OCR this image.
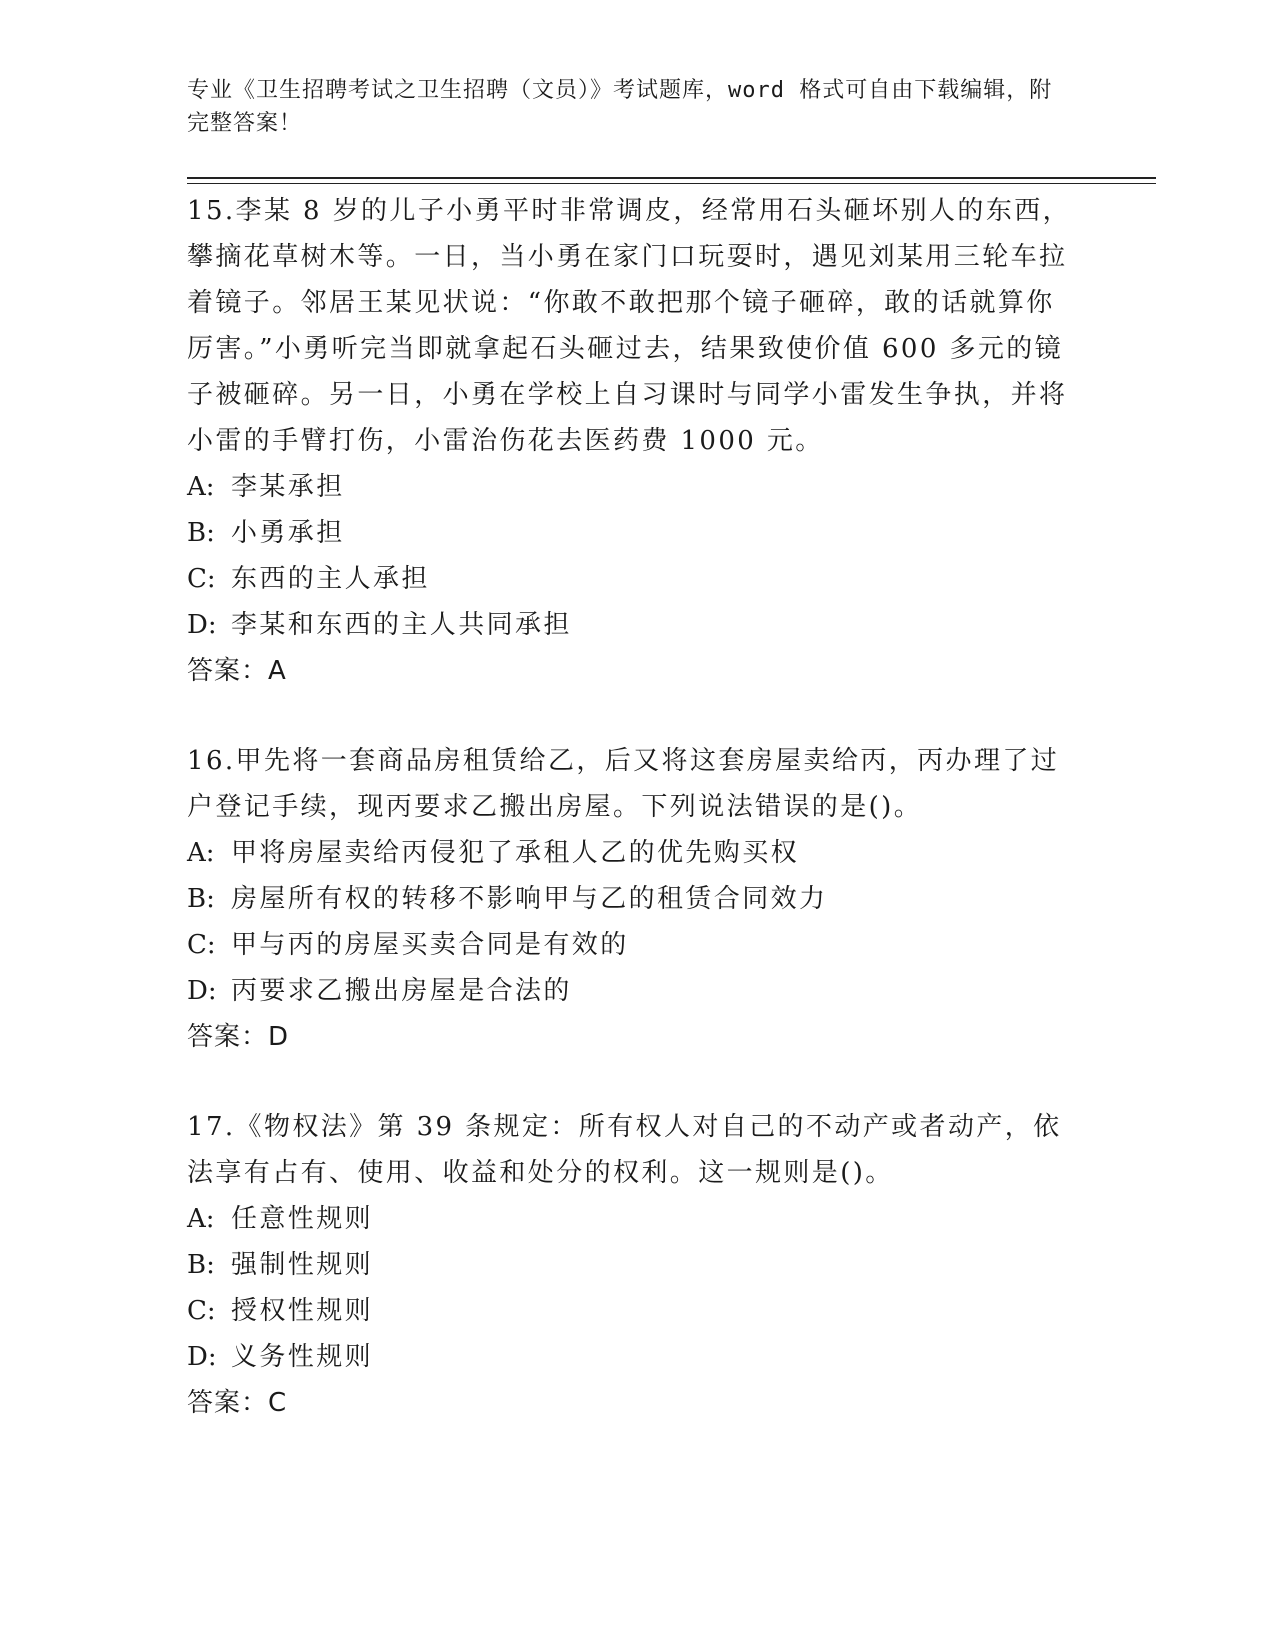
专业《卫生招聘考试之卫生招聘（文员）》考试题库，word 格式可自由下载编辑，附完整答案！

15.李某 8 岁的儿子小勇平时非常调皮，经常用石头砸坏别人的东西，攀摘花草树木等。一日，当小勇在家门口玩耍时，遇见刘某用三轮车拉着镜子。邻居王某见状说：“你敢不敢把那个镜子砸碎，敢的话就算你厉害。”小勇听完当即就拿起石头砸过去，结果致使价值 600 多元的镜子被砸碎。另一日，小勇在学校上自习课时与同学小雷发生争执，并将小雷的手臂打伤，小雷治伤花去医药费 1000 元。

A: 李某承担

B: 小勇承担

C: 东西的主人承担

D: 李某和东西的主人共同承担

答案：A

16.甲先将一套商品房租赁给乙，后又将这套房屋卖给丙，丙办理了过户登记手续，现丙要求乙搬出房屋。下列说法错误的是()。

A: 甲将房屋卖给丙侵犯了承租人乙的优先购买权

B: 房屋所有权的转移不影响甲与乙的租赁合同效力

C: 甲与丙的房屋买卖合同是有效的

D: 丙要求乙搬出房屋是合法的

答案：D

17.《物权法》第 39 条规定：所有权人对自己的不动产或者动产，依法享有占有、使用、收益和处分的权利。这一规则是()。

A: 任意性规则

B: 强制性规则

C: 授权性规则

D: 义务性规则

答案：C
